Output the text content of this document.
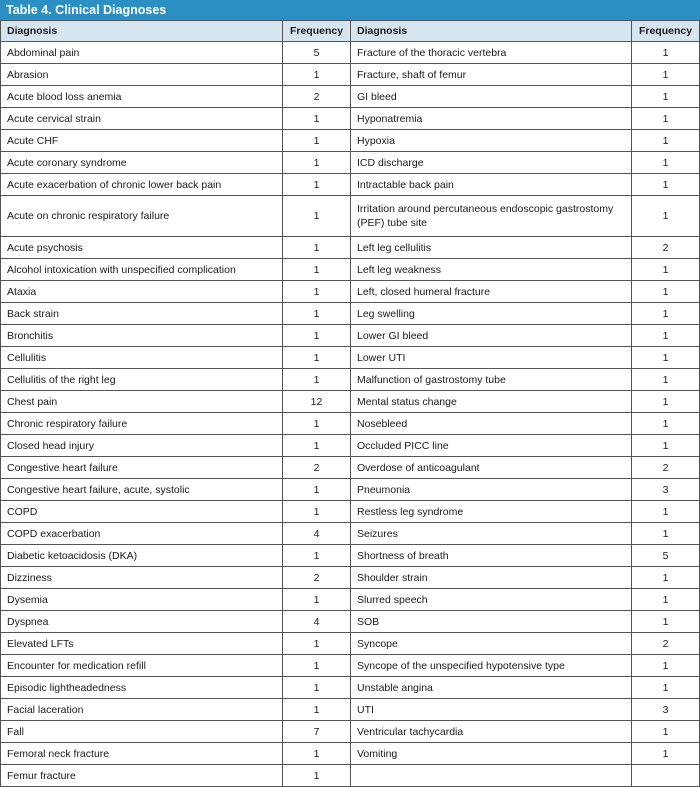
Table 4. Clinical Diagnoses
Diagnosis	Frequency	Diagnosis	Frequency
Abdominal pain	5	Fracture of the thoracic vertebra	1
Abrasion	1	Fracture, shaft of femur	1
Acute blood loss anemia	2	GI bleed	1
Acute cervical strain	1	Hyponatremia	1
Acute CHF	1	Hypoxia	1
Acute coronary syndrome	1	ICD discharge	1
Acute exacerbation of chronic lower back pain	1	Intractable back pain	1
Acute on chronic respiratory failure	1	Irritation around percutaneous endoscopic gastrostomy (PEF) tube site	1
Acute psychosis	1	Left leg cellulitis	2
Alcohol intoxication with unspecified complication	1	Left leg weakness	1
Ataxia	1	Left, closed humeral fracture	1
Back strain	1	Leg swelling	1
Bronchitis	1	Lower GI bleed	1
Cellulitis	1	Lower UTI	1
Cellulitis of the right leg	1	Malfunction of gastrostomy tube	1
Chest pain	12	Mental status change	1
Chronic respiratory failure	1	Nosebleed	1
Closed head injury	1	Occluded PICC line	1
Congestive heart failure	2	Overdose of anticoagulant	2
Congestive heart failure, acute, systolic	1	Pneumonia	3
COPD	1	Restless leg syndrome	1
COPD exacerbation	4	Seizures	1
Diabetic ketoacidosis (DKA)	1	Shortness of breath	5
Dizziness	2	Shoulder strain	1
Dysemia	1	Slurred speech	1
Dyspnea	4	SOB	1
Elevated LFTs	1	Syncope	2
Encounter for medication refill	1	Syncope of the unspecified hypotensive type	1
Episodic lightheadedness	1	Unstable angina	1
Facial laceration	1	UTI	3
Fall	7	Ventricular tachycardia	1
Femoral neck fracture	1	Vomiting	1
Femur fracture	1		
